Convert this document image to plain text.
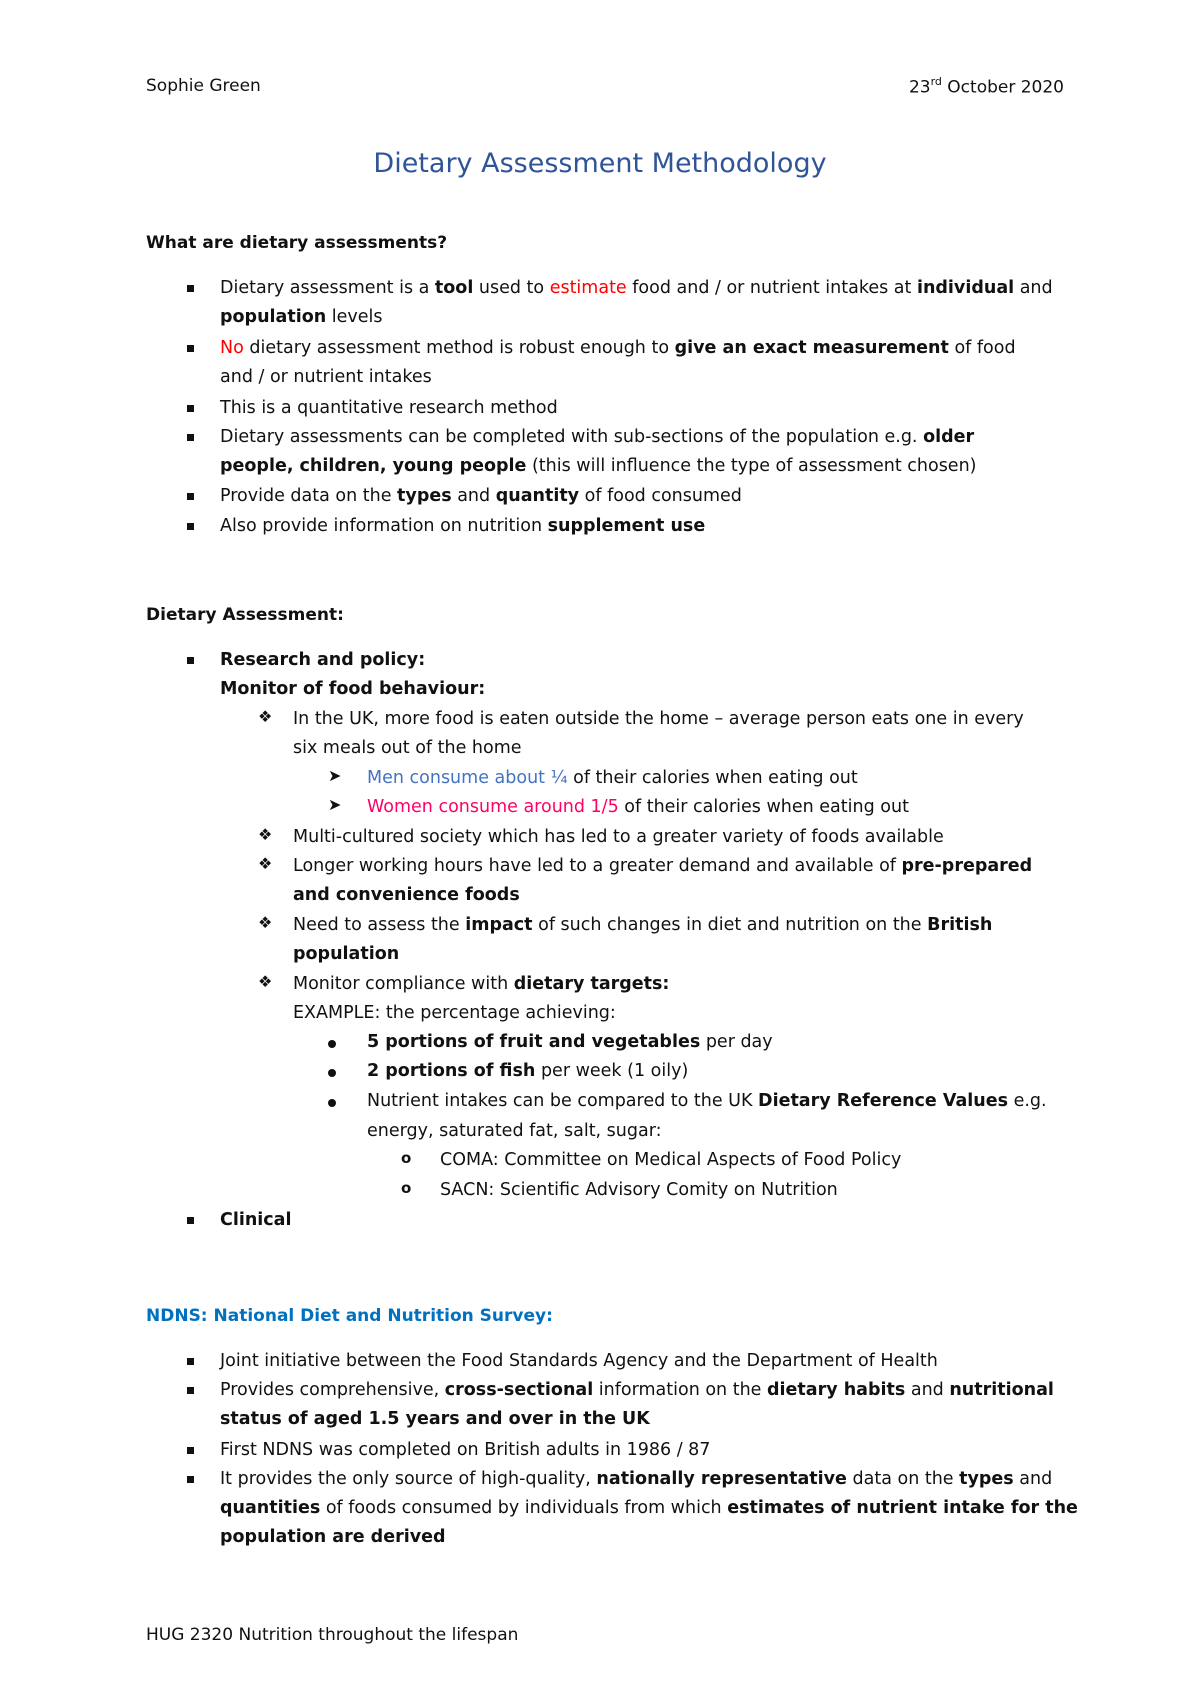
Sophie Green	23rd October 2020
Dietary Assessment Methodology
What are dietary assessments?
Dietary assessment is a tool used to estimate food and / or nutrient intakes at individual and
population levels
No dietary assessment method is robust enough to give an exact measurement of food
and / or nutrient intakes
This is a quantitative research method
Dietary assessments can be completed with sub-sections of the population e.g. older
people, children, young people (this will influence the type of assessment chosen)
Provide data on the types and quantity of food consumed
Also provide information on nutrition supplement use
Dietary Assessment:
Research and policy:
Monitor of food behaviour:
❖ In the UK, more food is eaten outside the home – average person eats one in every
six meals out of the home
➤ Men consume about ¼ of their calories when eating out
➤ Women consume around 1/5 of their calories when eating out
❖ Multi-cultured society which has led to a greater variety of foods available
❖ Longer working hours have led to a greater demand and available of pre-prepared
and convenience foods
❖ Need to assess the impact of such changes in diet and nutrition on the British
population
❖ Monitor compliance with dietary targets:
EXAMPLE: the percentage achieving:
5 portions of fruit and vegetables per day
2 portions of fish per week (1 oily)
Nutrient intakes can be compared to the UK Dietary Reference Values e.g.
energy, saturated fat, salt, sugar:
o COMA: Committee on Medical Aspects of Food Policy
o SACN: Scientific Advisory Comity on Nutrition
Clinical
NDNS: National Diet and Nutrition Survey:
Joint initiative between the Food Standards Agency and the Department of Health
Provides comprehensive, cross-sectional information on the dietary habits and nutritional
status of aged 1.5 years and over in the UK
First NDNS was completed on British adults in 1986 / 87
It provides the only source of high-quality, nationally representative data on the types and
quantities of foods consumed by individuals from which estimates of nutrient intake for the
population are derived
HUG 2320 Nutrition throughout the lifespan
